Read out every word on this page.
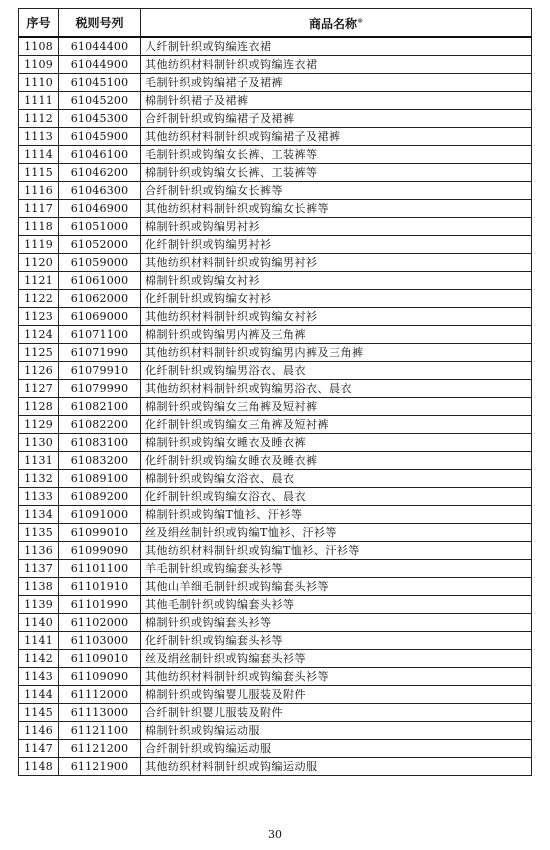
序号	税则号列	商品名称※
1108	61044400	人纤制针织或钩编连衣裙
1109	61044900	其他纺织材料制针织或钩编连衣裙
1110	61045100	毛制针织或钩编裙子及裙裤
1111	61045200	棉制针织裙子及裙裤
1112	61045300	合纤制针织或钩编裙子及裙裤
1113	61045900	其他纺织材料制针织或钩编裙子及裙裤
1114	61046100	毛制针织或钩编女长裤、工装裤等
1115	61046200	棉制针织或钩编女长裤、工装裤等
1116	61046300	合纤制针织或钩编女长裤等
1117	61046900	其他纺织材料制针织或钩编女长裤等
1118	61051000	棉制针织或钩编男衬衫
1119	61052000	化纤制针织或钩编男衬衫
1120	61059000	其他纺织材料制针织或钩编男衬衫
1121	61061000	棉制针织或钩编女衬衫
1122	61062000	化纤制针织或钩编女衬衫
1123	61069000	其他纺织材料制针织或钩编女衬衫
1124	61071100	棉制针织或钩编男内裤及三角裤
1125	61071990	其他纺织材料制针织或钩编男内裤及三角裤
1126	61079910	化纤制针织或钩编男浴衣、晨衣
1127	61079990	其他纺织材料制针织或钩编男浴衣、晨衣
1128	61082100	棉制针织或钩编女三角裤及短衬裤
1129	61082200	化纤制针织或钩编女三角裤及短衬裤
1130	61083100	棉制针织或钩编女睡衣及睡衣裤
1131	61083200	化纤制针织或钩编女睡衣及睡衣裤
1132	61089100	棉制针织或钩编女浴衣、晨衣
1133	61089200	化纤制针织或钩编女浴衣、晨衣
1134	61091000	棉制针织或钩编T恤衫、汗衫等
1135	61099010	丝及绢丝制针织或钩编T恤衫、汗衫等
1136	61099090	其他纺织材料制针织或钩编T恤衫、汗衫等
1137	61101100	羊毛制针织或钩编套头衫等
1138	61101910	其他山羊细毛制针织或钩编套头衫等
1139	61101990	其他毛制针织或钩编套头衫等
1140	61102000	棉制针织或钩编套头衫等
1141	61103000	化纤制针织或钩编套头衫等
1142	61109010	丝及绢丝制针织或钩编套头衫等
1143	61109090	其他纺织材料制针织或钩编套头衫等
1144	61112000	棉制针织或钩编婴儿服装及附件
1145	61113000	合纤制针织婴儿服装及附件
1146	61121100	棉制针织或钩编运动服
1147	61121200	合纤制针织或钩编运动服
1148	61121900	其他纺织材料制针织或钩编运动服
30
